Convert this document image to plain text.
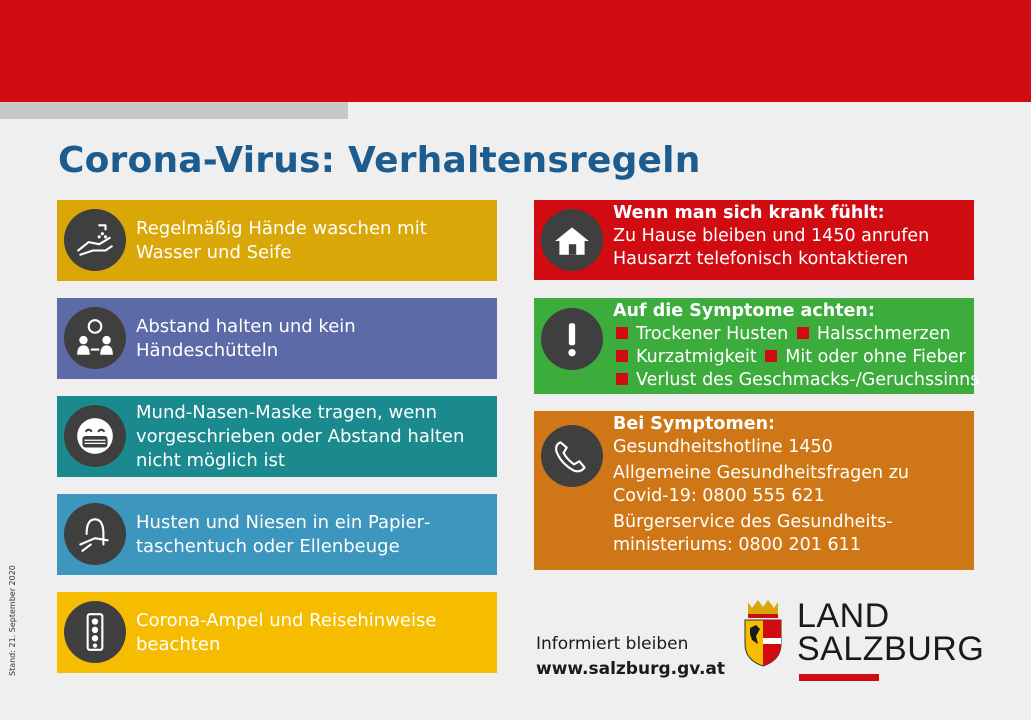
Corona-Virus: Verhaltensregeln
Regelmäßig Hände waschen mit Wasser und Seife
Abstand halten und kein Händeschütteln
Mund-Nasen-Maske tragen, wenn vorgeschrieben oder Abstand halten nicht möglich ist
Husten und Niesen in ein Papiertaschentuch oder Ellenbeuge
Corona-Ampel und Reisehinweise beachten
Wenn man sich krank fühlt:
Zu Hause bleiben und 1450 anrufen
Hausarzt telefonisch kontaktieren
Auf die Symptome achten:
Trockener Husten Halsschmerzen
Kurzatmigkeit Mit oder ohne Fieber
Verlust des Geschmacks-/Geruchssinns
Bei Symptomen:
Gesundheitshotline 1450
Allgemeine Gesundheitsfragen zu Covid-19: 0800 555 621
Bürgerservice des Gesundheits-ministeriums: 0800 201 611
Stand: 21. September 2020	Informiert bleiben
www.salzburg.gv.at
LAND
SALZBURG
